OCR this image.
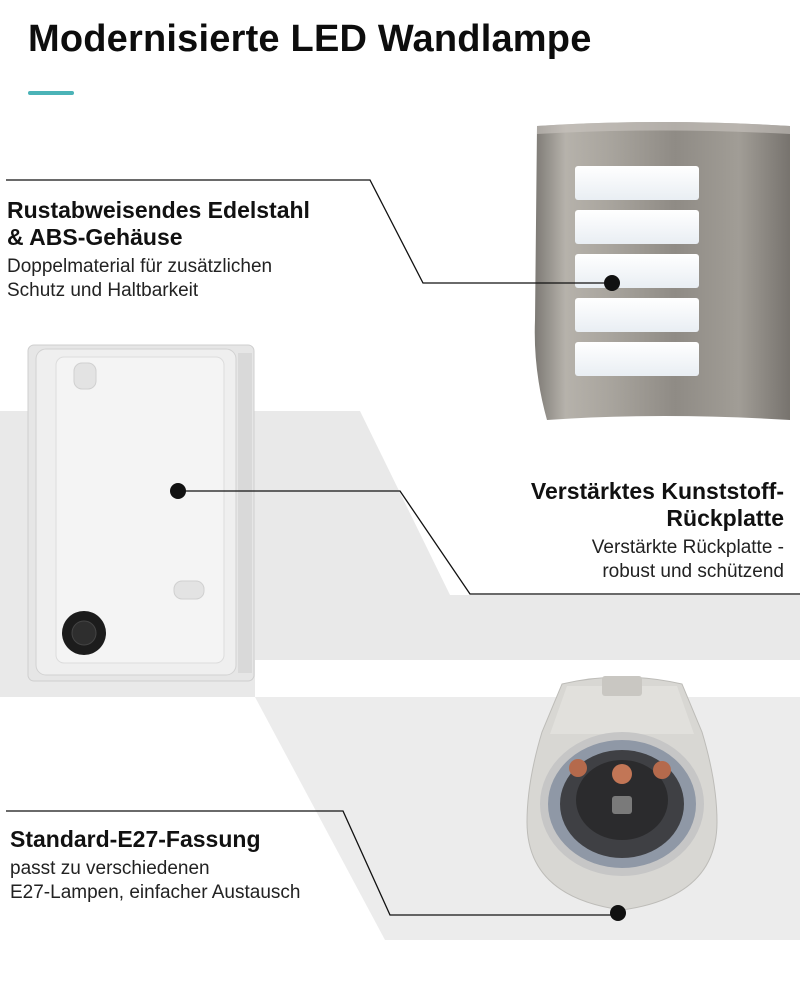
Modernisierte LED Wandlampe
Rustabweisendes Edelstahl
& ABS-Gehäuse
Doppelmaterial für zusätzlichen
Schutz und Haltbarkeit
Verstärktes Kunststoff-
Rückplatte
Verstärkte Rückplatte -
robust und schützend
Standard-E27-Fassung
passt zu verschiedenen
E27-Lampen, einfacher Austausch
